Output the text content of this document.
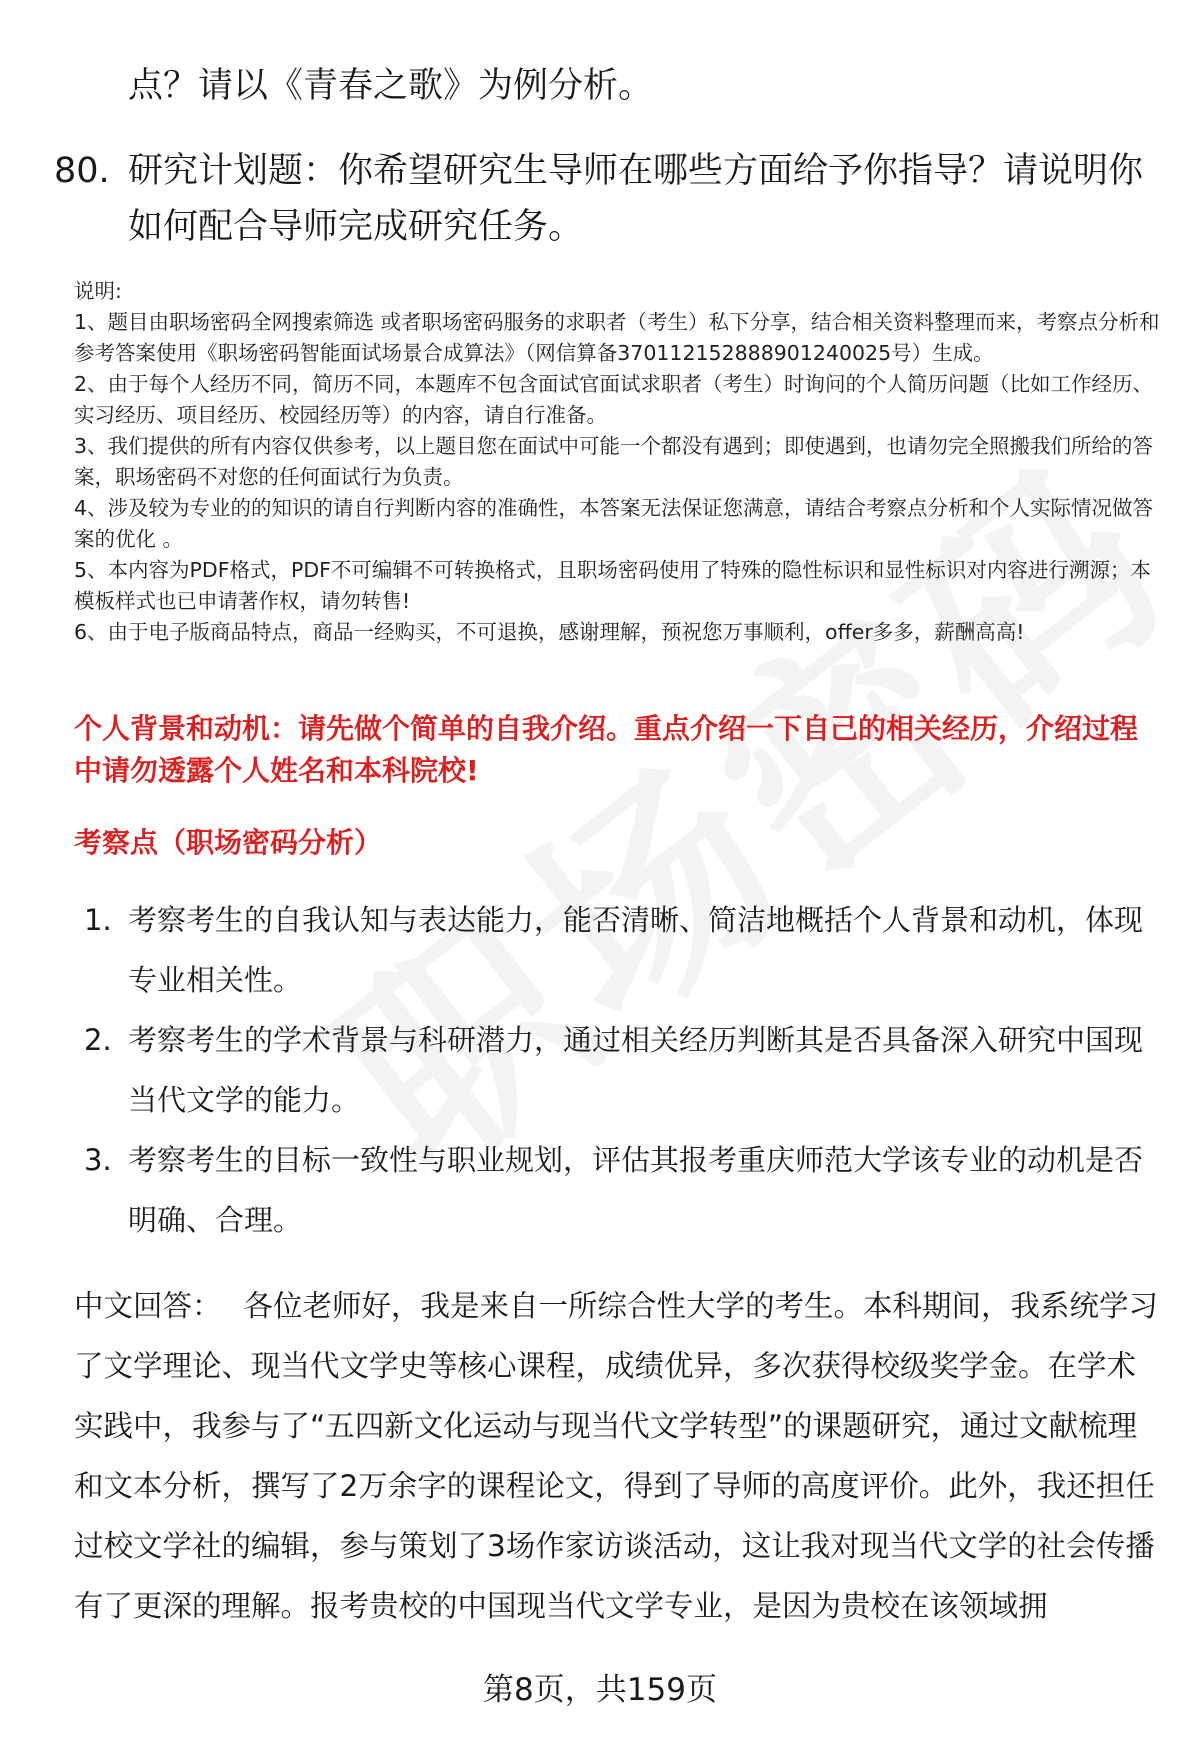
点？请以《青春之歌》为例分析。
80. 研究计划题：你希望研究生导师在哪些方面给予你指导？请说明你如何配合导师完成研究任务。

说明:

1、题目由职场密码全网搜索筛选 或者职场密码服务的求职者（考生）私下分享，结合相关资料整理而来，考察点分析和参考答案使用《职场密码智能面试场景合成算法》（网信算备370112152888901240025号）生成。

2、由于每个人经历不同，简历不同，本题库不包含面试官面试求职者（考生）时询问的个人简历问题（比如工作经历、实习经历、项目经历、校园经历等）的内容，请自行准备。

3、我们提供的所有内容仅供参考，以上题目您在面试中可能一个都没有遇到；即使遇到，也请勿完全照搬我们所给的答案，职场密码不对您的任何面试行为负责。

4、涉及较为专业的的知识的请自行判断内容的准确性，本答案无法保证您满意，请结合考察点分析和个人实际情况做答案的优化 。

5、本内容为PDF格式，PDF不可编辑不可转换格式，且职场密码使用了特殊的隐性标识和显性标识对内容进行溯源；本模板样式也已申请著作权，请勿转售!

6、由于电子版商品特点，商品一经购买，不可退换，感谢理解，预祝您万事顺利，offer多多，薪酬高高!

个人背景和动机：请先做个简单的自我介绍。重点介绍一下自己的相关经历，介绍过程中请勿透露个人姓名和本科院校!
考察点（职场密码分析）
1. 考察考生的自我认知与表达能力，能否清晰、简洁地概括个人背景和动机，体现专业相关性。
2. 考察考生的学术背景与科研潜力，通过相关经历判断其是否具备深入研究中国现当代文学的能力。
3. 考察考生的目标一致性与职业规划，评估其报考重庆师范大学该专业的动机是否明确、合理。
中文回答： 各位老师好，我是来自一所综合性大学的考生。本科期间，我系统学习了文学理论、现当代文学史等核心课程，成绩优异，多次获得校级奖学金。在学术实践中，我参与了“五四新文化运动与现当代文学转型”的课题研究，通过文献梳理和文本分析，撰写了2万余字的课程论文，得到了导师的高度评价。此外，我还担任过校文学社的编辑，参与策划了3场作家访谈活动，这让我对现当代文学的社会传播有了更深的理解。报考贵校的中国现当代文学专业，是因为贵校在该领域拥
第8页，共159页
